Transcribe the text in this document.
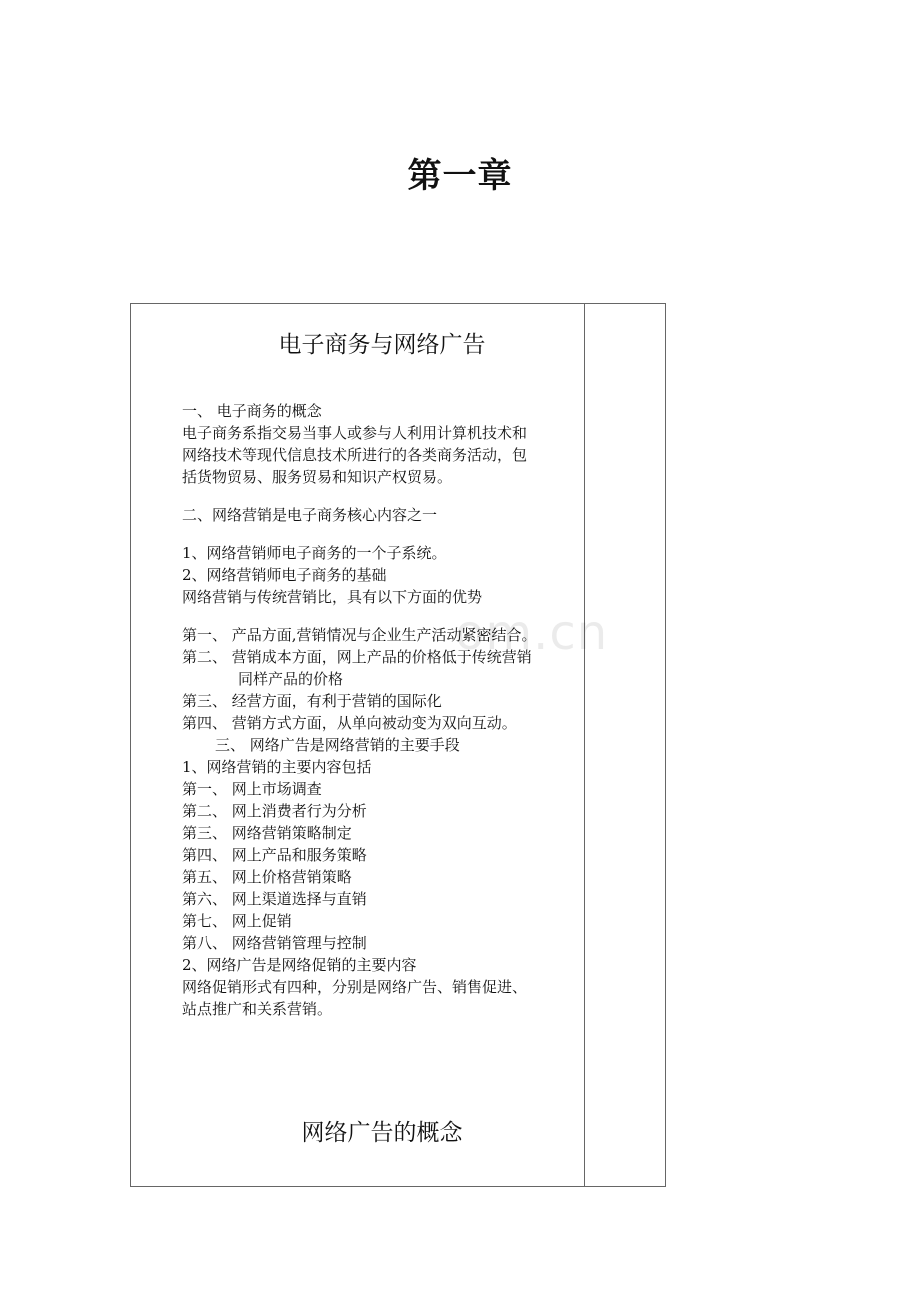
第一章
电子商务与网络广告
一、 电子商务的概念
电子商务系指交易当事人或参与人利用计算机技术和
网络技术等现代信息技术所进行的各类商务活动，包
括货物贸易、服务贸易和知识产权贸易。
二、网络营销是电子商务核心内容之一
1、网络营销师电子商务的一个子系统。
2、网络营销师电子商务的基础
网络营销与传统营销比，具有以下方面的优势
第一、 产品方面,营销情况与企业生产活动紧密结合。
第二、 营销成本方面，网上产品的价格低于传统营销
同样产品的价格
第三、 经营方面，有利于营销的国际化
第四、 营销方式方面，从单向被动变为双向互动。
三、 网络广告是网络营销的主要手段
1、网络营销的主要内容包括
第一、 网上市场调查
第二、 网上消费者行为分析
第三、 网络营销策略制定
第四、 网上产品和服务策略
第五、 网上价格营销策略
第六、 网上渠道选择与直销
第七、 网上促销
第八、 网络营销管理与控制
2、网络广告是网络促销的主要内容
网络促销形式有四种，分别是网络广告、销售促进、
站点推广和关系营销。
网络广告的概念
om.cn
